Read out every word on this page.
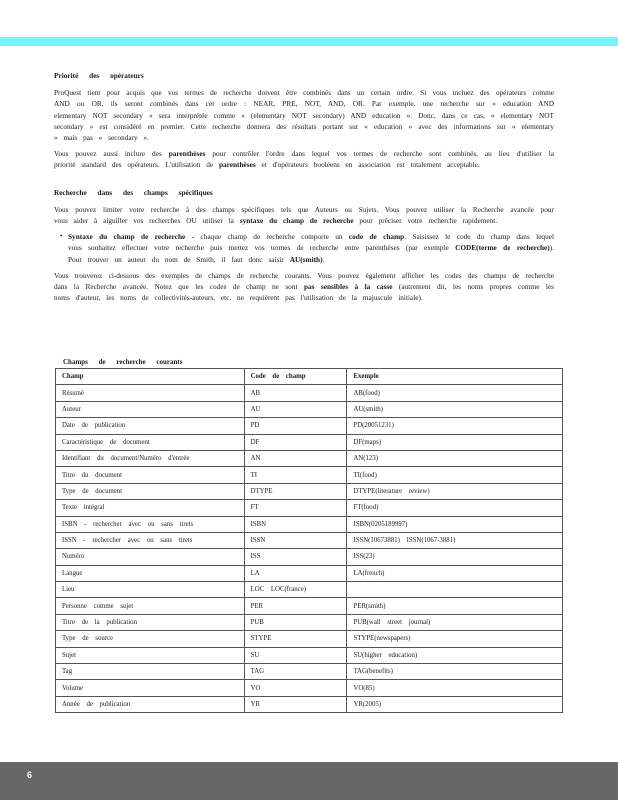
Priorité des opérateurs

ProQuest tient pour acquis que vos termes de recherche doivent être combinés dans un certain ordre. Si vous incluez des opérateurs comme AND ou OR, ils seront combinés dans cet ordre : NEAR, PRE, NOT, AND, OR. Par exemple, une recherche sur « education AND elementary NOT secondary » sera interprétée comme « (elementary NOT secondary) AND education ». Donc, dans ce cas, « elementary NOT secondary » est considéré en premier. Cette recherche donnera des résultats portant sur « education » avec des informations sur « elementary » mais pas « secondary ».

Vous pouvez aussi inclure des parenthèses pour contrôler l'ordre dans lequel vos termes de recherche sont combinés, au lieu d'utiliser la priorité standard des opérateurs. L'utilisation de parenthèses et d'opérateurs booléens en association est totalement acceptable.

Recherche dans des champs spécifiques

Vous pouvez limiter votre recherche à des champs spécifiques tels que Auteurs ou Sujets. Vous pouvez utiliser la Recherche avancée pour vous aider à aiguiller vos recherches OU utiliser la syntaxe du champ de recherche pour préciser votre recherche rapidement.

• Syntaxe du champ de recherche - chaque champ de recherche comporte un code de champ. Saisissez le code du champ dans lequel vous souhaitez effectuer votre recherche puis mettez vos termes de recherche entre parenthèses (par exemple CODE(terme de recherche)). Pour trouver un auteur du nom de Smith, il faut donc saisir AU(smith).

Vous trouverez ci-dessous des exemples de champs de recherche courants. Vous pouvez également afficher les codes des champs de recherche dans la Recherche avancée. Notez que les codes de champ ne sont pas sensibles à la casse (autrement dit, les noms propres comme les noms d'auteur, les noms de collectivités-auteurs, etc. ne requièrent pas l'utilisation de la majuscule initiale).

Champs de recherche courants
Champ	Code de champ	Exemple
Résumé	AB	AB(food)
Auteur	AU	AU(smith)
Date de publication	PD	PD(20051231)
Caractéristique de document	DF	DF(maps)
Identifiant du document/Numéro d'entrée	AN	AN(123)
Titre du document	TI	TI(food)
Type de document	DTYPE	DTYPE(literature review)
Texte intégral	FT	FT(food)
ISBN - rechercher avec ou sans tirets	ISBN	ISBN(0205189997)
ISSN - rechercher avec ou sans tirets	ISSN	ISSN(10673881) ISSN(1067-3881)
Numéro	ISS	ISS(23)
Langue	LA	LA(french)
Lieu	LOC LOC(france)	
Personne comme sujet	PER	PER(smith)
Titre de la publication	PUB	PUB(wall street journal)
Type de source	STYPE	STYPE(newspapers)
Sujet	SU	SU(higher education)
Tag	TAG	TAG(benefits)
Volume	VO	VO(85)
Année de publication	YR	YR(2005)
6
